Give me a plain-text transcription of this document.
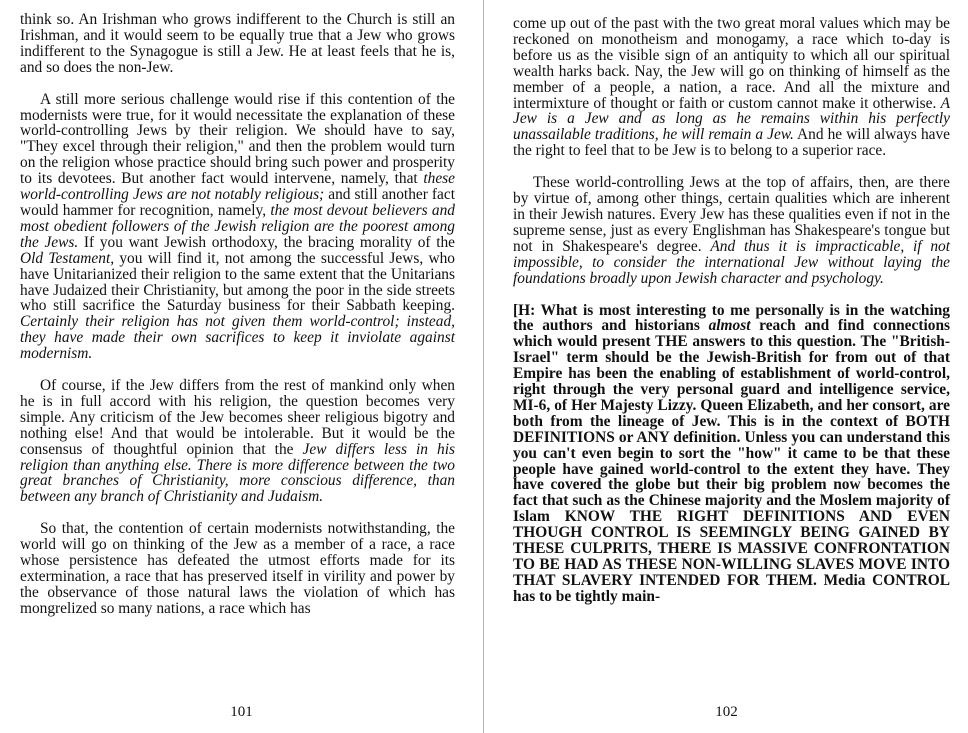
think so. An Irishman who grows indifferent to the Church is still an Irishman, and it would seem to be equally true that a Jew who grows indifferent to the Synagogue is still a Jew. He at least feels that he is, and so does the non-Jew.

A still more serious challenge would rise if this contention of the modernists were true, for it would necessitate the explanation of these world-controlling Jews by their religion. We should have to say, "They excel through their religion," and then the problem would turn on the religion whose practice should bring such power and prosperity to its devotees. But another fact would intervene, namely, that these world-controlling Jews are not notably religious; and still another fact would hammer for recognition, namely, the most devout believers and most obedient followers of the Jewish religion are the poorest among the Jews. If you want Jewish orthodoxy, the bracing morality of the Old Testament, you will find it, not among the successful Jews, who have Unitarianized their religion to the same extent that the Unitarians have Judaized their Christianity, but among the poor in the side streets who still sacrifice the Saturday business for their Sabbath keeping. Certainly their religion has not given them world-control; instead, they have made their own sacrifices to keep it inviolate against modernism.

Of course, if the Jew differs from the rest of mankind only when he is in full accord with his religion, the question becomes very simple. Any criticism of the Jew becomes sheer religious bigotry and nothing else! And that would be intolerable. But it would be the consensus of thoughtful opinion that the Jew differs less in his religion than anything else. There is more difference between the two great branches of Christianity, more conscious difference, than between any branch of Christianity and Judaism.

So that, the contention of certain modernists notwithstanding, the world will go on thinking of the Jew as a member of a race, a race whose persistence has defeated the utmost efforts made for its extermination, a race that has preserved itself in virility and power by the observance of those natural laws the violation of which has mongrelized so many nations, a race which has

101

come up out of the past with the two great moral values which may be reckoned on monotheism and monogamy, a race which to-day is before us as the visible sign of an antiquity to which all our spiritual wealth harks back. Nay, the Jew will go on thinking of himself as the member of a people, a nation, a race. And all the mixture and intermixture of thought or faith or custom cannot make it otherwise. A Jew is a Jew and as long as he remains within his perfectly unassailable traditions, he will remain a Jew. And he will always have the right to feel that to be Jew is to belong to a superior race.

These world-controlling Jews at the top of affairs, then, are there by virtue of, among other things, certain qualities which are inherent in their Jewish natures. Every Jew has these qualities even if not in the supreme sense, just as every Englishman has Shakespeare's tongue but not in Shakespeare's degree. And thus it is impracticable, if not impossible, to consider the international Jew without laying the foundations broadly upon Jewish character and psychology.

[H: What is most interesting to me personally is in the watching the authors and historians almost reach and find connections which would present THE answers to this question. The "British-Israel" term should be the Jewish-British for from out of that Empire has been the enabling of establishment of world-control, right through the very personal guard and intelligence service, MI-6, of Her Majesty Lizzy. Queen Elizabeth, and her consort, are both from the lineage of Jew. This is in the context of BOTH DEFINITIONS or ANY definition. Unless you can understand this you can't even begin to sort the "how" it came to be that these people have gained world-control to the extent they have. They have covered the globe but their big problem now becomes the fact that such as the Chinese majority and the Moslem majority of Islam KNOW THE RIGHT DEFINITIONS AND EVEN THOUGH CONTROL IS SEEMINGLY BEING GAINED BY THESE CULPRITS, THERE IS MASSIVE CONFRONTATION TO BE HAD AS THESE NON-WILLING SLAVES MOVE INTO THAT SLAVERY INTENDED FOR THEM. Media CONTROL has to be tightly main-

102
